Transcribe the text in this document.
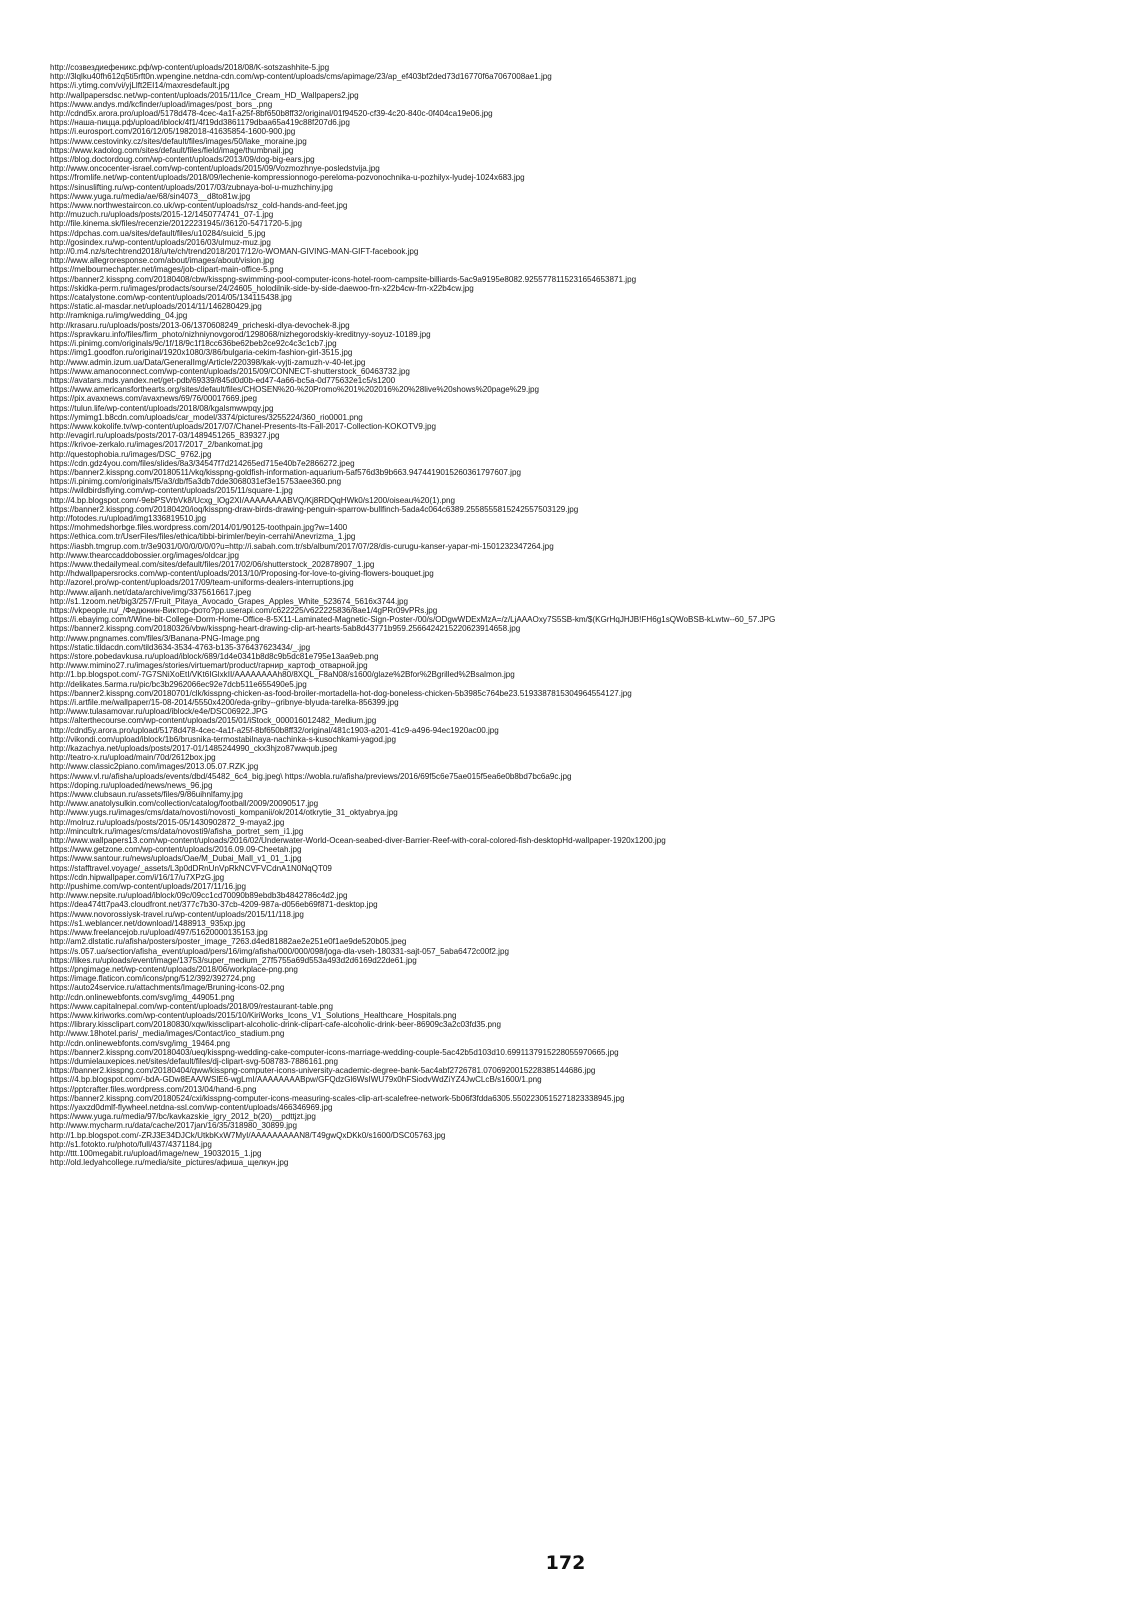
http://созвездиефеникс.рф/wp-content/uploads/2018/08/K-sotszashhite-5.jpg
http://3lqlku40fh612q5ti5rft0n.wpengine.netdna-cdn.com/wp-content/uploads/cms/apimage/23/ap_ef403bf2ded73d16770f6a7067008ae1.jpg
https://i.ytimg.com/vi/yjLlft2EI14/maxresdefault.jpg
http://wallpapersdsc.net/wp-content/uploads/2015/11/Ice_Cream_HD_Wallpapers2.jpg
https://www.andys.md/kcfinder/upload/images/post_bors_.png
http://cdnd5x.arora.pro/upload/5178d478-4cec-4a1f-a25f-8bf650b8ff32/original/01f94520-cf39-4c20-840c-0f404ca19e06.jpg
https://наша-пицца.рф/upload/iblock/4f1/4f19dd3861179dbaa65a419c88f207d6.jpg
https://i.eurosport.com/2016/12/05/1982018-41635854-1600-900.jpg
https://www.cestovinky.cz/sites/default/files/images/50/lake_moraine.jpg
https://www.kadolog.com/sites/default/files/field/image/thumbnail.jpg
https://blog.doctordoug.com/wp-content/uploads/2013/09/dog-big-ears.jpg
http://www.oncocenter-israel.com/wp-content/uploads/2015/09/Vozmozhnye-posledstvija.jpg
https://fromlife.net/wp-content/uploads/2018/09/lechenie-kompressionnogo-pereloma-pozvonochnika-u-pozhilyx-lyudej-1024x683.jpg
https://sinuslifting.ru/wp-content/uploads/2017/03/zubnaya-bol-u-muzhchiny.jpg
https://www.yuga.ru/media/ae/68/sin4073__d8to81w.jpg
https://www.northwestaircon.co.uk/wp-content/uploads/rsz_cold-hands-and-feet.jpg
http://muzuch.ru/uploads/posts/2015-12/1450774741_07-1.jpg
http://file.kinema.sk/files/recenzie/20122231945//36120-5471720-5.jpg
https://dpchas.com.ua/sites/default/files/u10284/suicid_5.jpg
http://gosindex.ru/wp-content/uploads/2016/03/ulmuz-muz.jpg
http://0.m4.nz/s/techtrend2018/u/te/ch/trend2018/2017/12/o-WOMAN-GIVING-MAN-GIFT-facebook.jpg
http://www.allegroresponse.com/about/images/about/vision.jpg
https://melbournechapter.net/images/job-clipart-main-office-5.png
https://banner2.kisspng.com/20180408/cbw/kisspng-swimming-pool-computer-icons-hotel-room-campsite-billiards-5ac9a9195e8082.9255778115231654653871.jpg
https://skidka-perm.ru/images/prodacts/sourse/24/24605_holodilnik-side-by-side-daewoo-frn-x22b4cw-frn-x22b4cw.jpg
https://catalystone.com/wp-content/uploads/2014/05/134115438.jpg
https://static.al-masdar.net/uploads/2014/11/146280429.jpg
http://ramkniga.ru/img/wedding_04.jpg
http://krasaru.ru/uploads/posts/2013-06/1370608249_pricheski-dlya-devochek-8.jpg
https://spravkaru.info/files/firm_photo/nizhniynovgorod/1298068/nizhegorodskiy-kreditnyy-soyuz-10189.jpg
https://i.pinimg.com/originals/9c/1f/18/9c1f18cc636be62beb2ce92c4c3c1cb7.jpg
https://img1.goodfon.ru/original/1920x1080/3/86/bulgaria-cekim-fashion-girl-3515.jpg
http://www.admin.izum.ua/Data/GeneralImg/Article/220398/kak-vyjti-zamuzh-v-40-let.jpg
https://www.amanoconnect.com/wp-content/uploads/2015/09/CONNECT-shutterstock_60463732.jpg
https://avatars.mds.yandex.net/get-pdb/69339/845d0d0b-ed47-4a66-bc5a-0d775632e1c5/s1200
https://www.americansforthearts.org/sites/default/files/CHOSEN%20-%20Promo%201%202016%20%28live%20shows%20page%29.jpg
https://pix.avaxnews.com/avaxnews/69/76/00017669.jpeg
https://tulun.life/wp-content/uploads/2018/08/kgalsmwwpqy.jpg
https://ymimg1.b8cdn.com/uploads/car_model/3374/pictures/3255224/360_rio0001.png
https://www.kokolife.tv/wp-content/uploads/2017/07/Chanel-Presents-Its-Fall-2017-Collection-KOKOTV9.jpg
http://evagirl.ru/uploads/posts/2017-03/1489451265_839327.jpg
https://krivoe-zerkalo.ru/images/2017/2017_2/bankomat.jpg
http://questophobia.ru/images/DSC_9762.jpg
https://cdn.gdz4you.com/files/slides/8a3/34547f7d214265ed715e40b7e2866272.jpeg
https://banner2.kisspng.com/20180511/vkq/kisspng-goldfish-information-aquarium-5af576d3b9b663.9474419015260361797607.jpg
https://i.pinimg.com/originals/f5/a3/db/f5a3db7dde3068031ef3e15753aee360.png
https://wildbirdsflying.com/wp-content/uploads/2015/11/square-1.jpg
http://4.bp.blogspot.com/-9ebPSVrbVk8/Ucxg_lOg2XI/AAAAAAAABVQ/Kj8RDQqHWk0/s1200/oiseau%20(1).png
https://banner2.kisspng.com/20180420/ioq/kisspng-draw-birds-drawing-penguin-sparrow-bullfinch-5ada4c064c6389.2558555815242557503129.jpg
http://fotodes.ru/upload/img1336819510.jpg
https://mohmedshorbge.files.wordpress.com/2014/01/90125-toothpain.jpg?w=1400
https://ethica.com.tr/UserFiles/files/ethica/tibbi-birimler/beyin-cerrahi/Anevrizma_1.jpg
https://iasbh.tmgrup.com.tr/3e9031/0/0/0/0/0/0?u=http://i.sabah.com.tr/sb/album/2017/07/28/dis-curugu-kanser-yapar-mi-1501232347264.jpg
http://www.thearccaddobossier.org/images/oldcar.jpg
https://www.thedailymeal.com/sites/default/files/2017/02/06/shutterstock_202878907_1.jpg
http://hdwallpapersrocks.com/wp-content/uploads/2013/10/Proposing-for-love-to-giving-flowers-bouquet.jpg
http://azorel.pro/wp-content/uploads/2017/09/team-uniforms-dealers-interruptions.jpg
http://www.aljanh.net/data/archive/img/3375616617.jpeg
http://s1.1zoom.net/big3/257/Fruit_Pitaya_Avocado_Grapes_Apples_White_523674_5616x3744.jpg
https://vkpeople.ru/_/Федюнин-Виктор-фото?pp.userapi.com/c622225/v622225836/8ae1/4gPRr09vPRs.jpg
https://i.ebayimg.com/t/Wine-bit-College-Dorm-Home-Office-8-5X11-Laminated-Magnetic-Sign-Poster-/00/s/ODgwWDExMzA=/z/LjAAAOxy7S5SB-km/$(KGrHqJHJB!FH6g1sQWoBSB-kLwtw--60_57.JPG
https://banner2.kisspng.com/20180326/vbw/kisspng-heart-drawing-clip-art-hearts-5ab8d43771b959.2566424215220623914658.jpg
http://www.pngnames.com/files/3/Banana-PNG-Image.png
https://static.tildacdn.com/tild3634-3534-4763-b135-376437623434/_.jpg
https://store.pobedavkusa.ru/upload/iblock/689/1d4e0341b8d8c9b5dc81e795e13aa9eb.png
http://www.mimino27.ru/images/stories/virtuemart/product/гарнир_картоф_отварной.jpg
http://1.bp.blogspot.com/-7G7SNiXoEtI/VKt6IGlxkII/AAAAAAAAh80/8XQL_F8aN08/s1600/glaze%2Bfor%2Bgrilled%2Bsalmon.jpg
http://delikates.5arma.ru/pic/bc3b2962066ec92e7dcb511e655490e5.jpg
https://banner2.kisspng.com/20180701/clk/kisspng-chicken-as-food-broiler-mortadella-hot-dog-boneless-chicken-5b3985c764be23.5193387815304964554127.jpg
https://i.artfile.me/wallpaper/15-08-2014/5550x4200/eda-griby--gribnye-blyuda-tarelka-856399.jpg
http://www.tulasamovar.ru/upload/iblock/e4e/DSC06922.JPG
https://alterthecourse.com/wp-content/uploads/2015/01/iStock_000016012482_Medium.jpg
http://cdnd5y.arora.pro/upload/5178d478-4cec-4a1f-a25f-8bf650b8ff32/original/481c1903-a201-41c9-a496-94ec1920ac00.jpg
http://vikondi.com/upload/iblock/1b6/brusnika-termostabilnaya-nachinka-s-kusochkami-yagod.jpg
http://kazachya.net/uploads/posts/2017-01/1485244990_ckx3hjzo87wwqub.jpeg
http://teatro-x.ru/upload/main/70d/2612box.jpg
http://www.classic2piano.com/images/2013.05.07.RZK.jpg
https://www.vl.ru/afisha/uploads/events/dbd/45482_6c4_big.jpeg\ https://wobla.ru/afisha/previews/2016/69f5c6e75ae015f5ea6e0b8bd7bc6a9c.jpg
https://doping.ru/uploaded/news/news_96.jpg
https://www.clubsaun.ru/assets/files/9/86uihnlfamy.jpg
http://www.anatolysulkin.com/collection/catalog/football/2009/20090517.jpg
http://www.yugs.ru/images/cms/data/novosti/novosti_kompanii/ok/2014/otkrytie_31_oktyabrya.jpg
http://molruz.ru/uploads/posts/2015-05/1430902872_9-maya2.jpg
http://mincultrk.ru/images/cms/data/novosti9/afisha_portret_sem_i1.jpg
http://www.wallpapers13.com/wp-content/uploads/2016/02/Underwater-World-Ocean-seabed-diver-Barrier-Reef-with-coral-colored-fish-desktopHd-wallpaper-1920x1200.jpg
https://www.getzone.com/wp-content/uploads/2016.09.09-Cheetah.jpg
https://www.santour.ru/news/uploads/Oae/M_Dubai_Mall_v1_01_1.jpg
https://stafftravel.voyage/_assets/L3p0dDRnUnVpRkNCVFVCdnA1N0NqQT09
https://cdn.hipwallpaper.com/i/16/17/u7XPzG.jpg
http://pushime.com/wp-content/uploads/2017/11/16.jpg
http://www.nepsite.ru/upload/iblock/09c/09cc1cd70090b89ebdb3b4842786c4d2.jpg
https://dea474tt7pa43.cloudfront.net/377c7b30-37cb-4209-987a-d056eb69f871-desktop.jpg
https://www.novorossiysk-travel.ru/wp-content/uploads/2015/11/118.jpg
https://s1.weblancer.net/download/1488913_935xp.jpg
https://www.freelancejob.ru/upload/497/51620000135153.jpg
http://am2.dlstatic.ru/afisha/posters/poster_image_7263.d4ed81882ae2e251e0f1ae9de520b05.jpeg
https://s.057.ua/section/afisha_event/upload/pers/16/img/afisha/000/000/098/joga-dla-vseh-180331-sajt-057_5aba6472c00f2.jpg
https://likes.ru/uploads/event/image/13753/super_medium_27f5755a69d553a493d2d6169d22de61.jpg
https://pngimage.net/wp-content/uploads/2018/06/workplace-png.png
https://image.flaticon.com/icons/png/512/392/392724.png
https://auto24service.ru/attachments/Image/Bruning-icons-02.png
http://cdn.onlinewebfonts.com/svg/img_449051.png
https://www.capitalnepal.com/wp-content/uploads/2018/09/restaurant-table.png
https://www.kiriworks.com/wp-content/uploads/2015/10/KiriWorks_Icons_V1_Solutions_Healthcare_Hospitals.png
https://library.kissclipart.com/20180830/xqw/kissclipart-alcoholic-drink-clipart-cafe-alcoholic-drink-beer-86909c3a2c03fd35.png
http://www.18hotel.paris/_media/images/Contact/ico_stadium.png
http://cdn.onlinewebfonts.com/svg/img_19464.png
https://banner2.kisspng.com/20180403/ueq/kisspng-wedding-cake-computer-icons-marriage-wedding-couple-5ac42b5d103d10.6991137915228055970665.jpg
https://dumielauxepices.net/sites/default/files/dj-clipart-svg-508783-7886161.png
https://banner2.kisspng.com/20180404/qww/kisspng-computer-icons-university-academic-degree-bank-5ac4abf2726781.0706920015228385144686.jpg
https://4.bp.blogspot.com/-bdA-GDw8EAA/WSlE6-wgLmI/AAAAAAAABpw/GFQdzGl6WsIWU79x0hFSiodvWdZiYZ4JwCLcB/s1600/1.png
https://pptcrafter.files.wordpress.com/2013/04/hand-6.png
https://banner2.kisspng.com/20180524/cxi/kisspng-computer-icons-measuring-scales-clip-art-scalefree-network-5b06f3fdda6305.5502230515271823338945.jpg
https://yaxzd0dmlf-flywheel.netdna-ssl.com/wp-content/uploads/466346969.jpg
https://www.yuga.ru/media/97/bc/kavkazskie_igry_2012_b(20)__pdttjzt.jpg
http://www.mycharm.ru/data/cache/2017jan/16/35/318980_30899.jpg
http://1.bp.blogspot.com/-ZRJ3E34DJCk/UtkbKxW7MyI/AAAAAAAAAN8/T49gwQxDKk0/s1600/DSC05763.jpg
http://s1.fotokto.ru/photo/full/437/4371184.jpg
http://ttt.100megabit.ru/upload/image/new_19032015_1.jpg
http://old.ledyahcollege.ru/media/site_pictures/афиша_щелкун.jpg
172
